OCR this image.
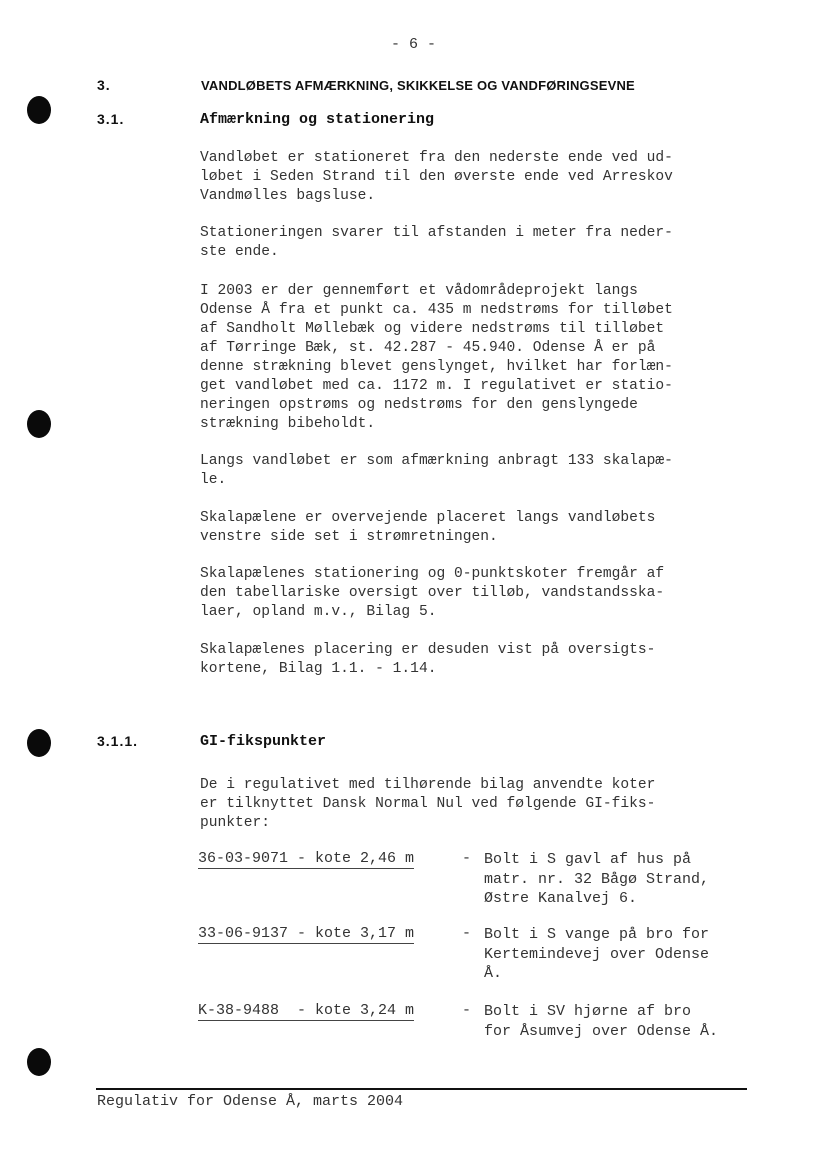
- 6 -
3.	VANDLØBETS AFMÆRKNING, SKIKKELSE OG VANDFØRINGSEVNE
3.1.	Afmærkning og stationering

Vandløbet er stationeret fra den nederste ende ved ud-
løbet i Seden Strand til den øverste ende ved Arreskov
Vandmølles bagsluse.

Stationeringen svarer til afstanden i meter fra neder-
ste ende.

I 2003 er der gennemført et vådområdeprojekt langs
Odense Å fra et punkt ca. 435 m nedstrøms for tilløbet
af Sandholt Møllebæk og videre nedstrøms til tilløbet
af Tørringe Bæk, st. 42.287 - 45.940. Odense Å er på
denne strækning blevet genslynget, hvilket har forlæn-
get vandløbet med ca. 1172 m. I regulativet er statio-
neringen opstrøms og nedstrøms for den genslyngede
strækning bibeholdt.

Langs vandløbet er som afmærkning anbragt 133 skalapæ-
le.

Skalapælene er overvejende placeret langs vandløbets
venstre side set i strømretningen.

Skalapælenes stationering og 0-punktskoter fremgår af
den tabellariske oversigt over tilløb, vandstandsska-
laer, opland m.v., Bilag 5.

Skalapælenes placering er desuden vist på oversigts-
kortene, Bilag 1.1. - 1.14.

3.1.1.	GI-fikspunkter

De i regulativet med tilhørende bilag anvendte koter
er tilknyttet Dansk Normal Nul ved følgende GI-fiks-
punkter:

36-03-9071 - kote 2,46 m	- Bolt i S gavl af hus på
matr. nr. 32 Bågø Strand,
Østre Kanalvej 6.

33-06-9137 - kote 3,17 m	- Bolt i S vange på bro for
Kertemindevej over Odense
Å.

K-38-9488  - kote 3,24 m	- Bolt i SV hjørne af bro
for Åsumvej over Odense Å.

Regulativ for Odense Å, marts 2004
